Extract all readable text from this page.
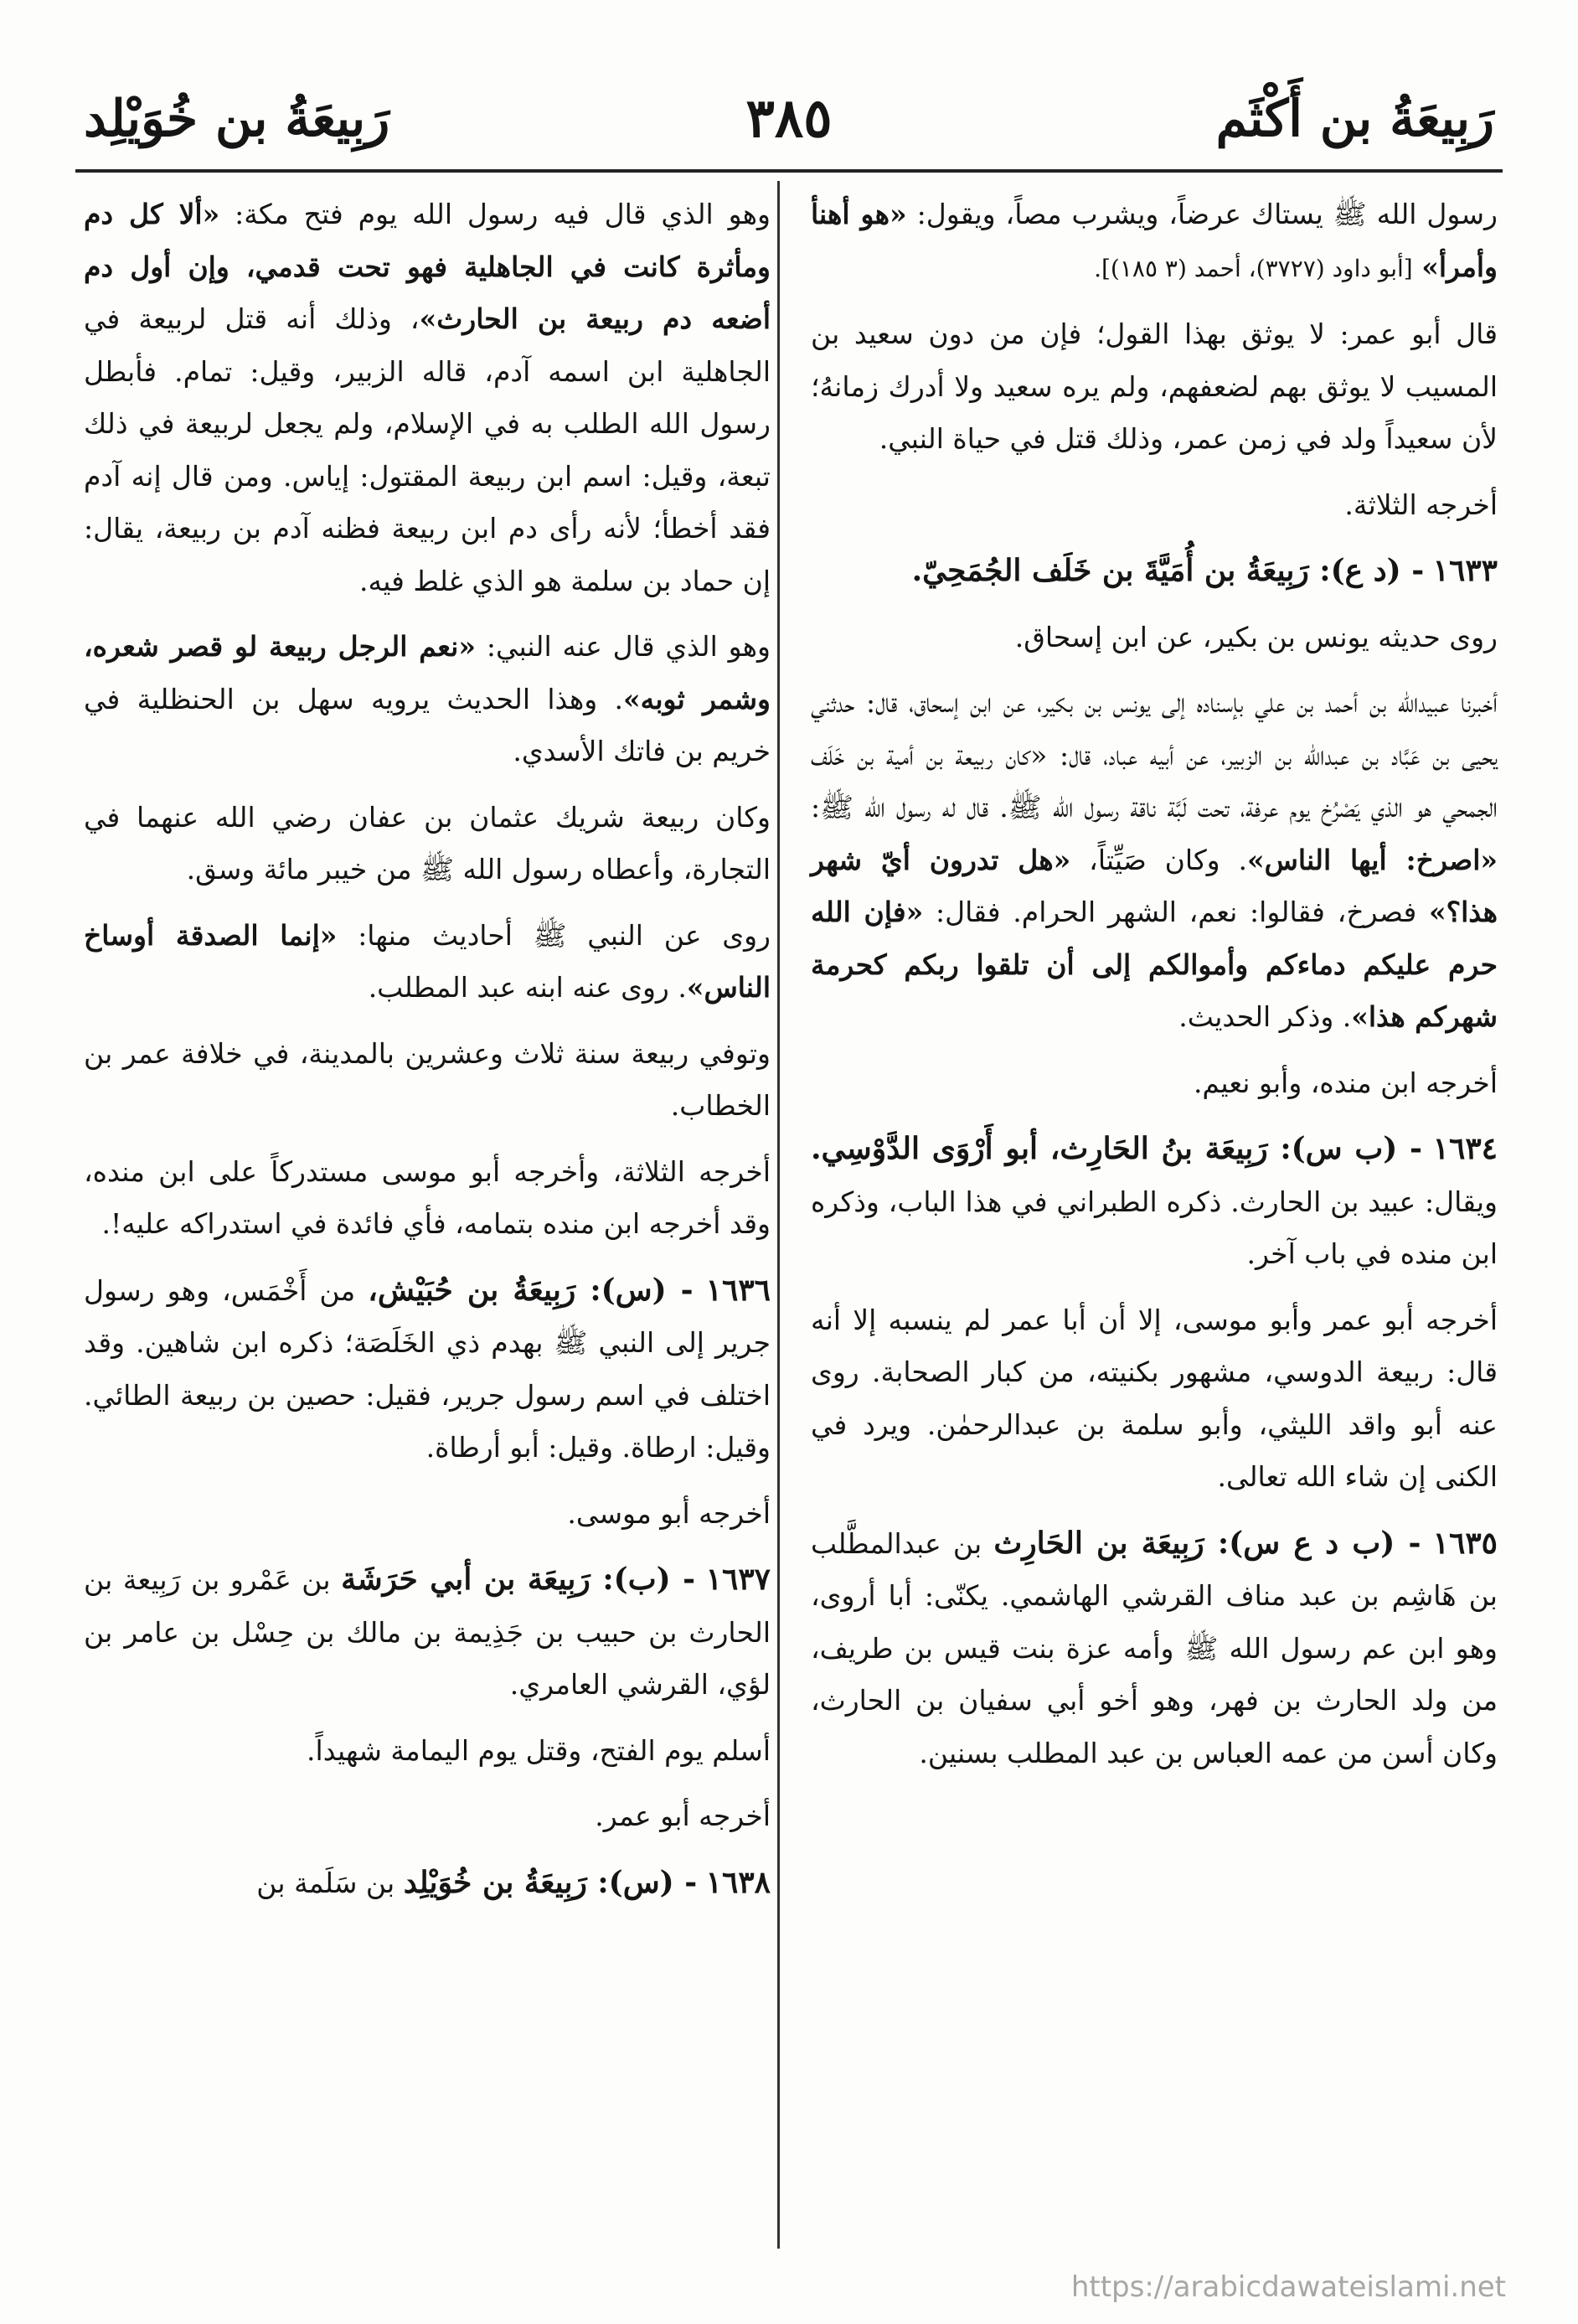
رَبِيعَةُ بن أَكْثَم
٣٨٥
رَبِيعَةُ بن خُوَيْلِد

رسول الله ﷺ يستاك عرضاً، ويشرب مصاً، ويقول: «هو أهنأ وأمرأ» [أبو داود (٣٧٢٧)، أحمد (٣ ١٨٥)].

قال أبو عمر: لا يوثق بهذا القول؛ فإن من دون سعيد بن المسيب لا يوثق بهم لضعفهم، ولم يره سعيد ولا أدرك زمانهُ؛ لأن سعيداً ولد في زمن عمر، وذلك قتل في حياة النبي.

أخرجه الثلاثة.

١٦٣٣ - (د ع): رَبِيعَةُ بن أُمَيَّةَ بن خَلَف الجُمَحِيّ.

روى حديثه يونس بن بكير، عن ابن إسحاق.

أخبرنا عبيدالله بن أحمد بن علي بإسناده إلى يونس بن بكير، عن ابن إسحاق، قال: حدثني يحيى بن عَبَّاد بن عبدالله بن الزبير، عن أبيه عباد، قال: «كان ربيعة بن أمية بن خَلَف الجمحي هو الذي يَصْرُخ يوم عرفة، تحت لَبَّة ناقة رسول الله ﷺ. قال له رسول الله ﷺ: «اصرخ: أيها الناس». وكان صَيِّتاً، «هل تدرون أيّ شهر هذا؟» فصرخ، فقالوا: نعم، الشهر الحرام. فقال: «فإن الله حرم عليكم دماءكم وأموالكم إلى أن تلقوا ربكم كحرمة شهركم هذا». وذكر الحديث.

أخرجه ابن منده، وأبو نعيم.

١٦٣٤ - (ب س): رَبِيعَة بنُ الحَارِث، أبو أَرْوَى الدَّوْسِي. ويقال: عبيد بن الحارث. ذكره الطبراني في هذا الباب، وذكره ابن منده في باب آخر.

أخرجه أبو عمر وأبو موسى، إلا أن أبا عمر لم ينسبه إلا أنه قال: ربيعة الدوسي، مشهور بكنيته، من كبار الصحابة. روى عنه أبو واقد الليثي، وأبو سلمة بن عبدالرحمٰن. ويرد في الكنى إن شاء الله تعالى.

١٦٣٥ - (ب د ع س): رَبِيعَة بن الحَارِث بن عبدالمطَّلب بن هَاشِم بن عبد مناف القرشي الهاشمي. يكنّى: أبا أروى، وهو ابن عم رسول الله ﷺ وأمه عزة بنت قيس بن طريف، من ولد الحارث بن فهر، وهو أخو أبي سفيان بن الحارث، وكان أسن من عمه العباس بن عبد المطلب بسنين.

وهو الذي قال فيه رسول الله يوم فتح مكة: «ألا كل دم ومأثرة كانت في الجاهلية فهو تحت قدمي، وإن أول دم أضعه دم ربيعة بن الحارث»، وذلك أنه قتل لربيعة في الجاهلية ابن اسمه آدم، قاله الزبير، وقيل: تمام. فأبطل رسول الله الطلب به في الإسلام، ولم يجعل لربيعة في ذلك تبعة، وقيل: اسم ابن ربيعة المقتول: إياس. ومن قال إنه آدم فقد أخطأ؛ لأنه رأى دم ابن ربيعة فظنه آدم بن ربيعة، يقال: إن حماد بن سلمة هو الذي غلط فيه.

وهو الذي قال عنه النبي: «نعم الرجل ربيعة لو قصر شعره، وشمر ثوبه». وهذا الحديث يرويه سهل بن الحنظلية في خريم بن فاتك الأسدي.

وكان ربيعة شريك عثمان بن عفان رضي الله عنهما في التجارة، وأعطاه رسول الله ﷺ من خيبر مائة وسق.

روى عن النبي ﷺ أحاديث منها: «إنما الصدقة أوساخ الناس». روى عنه ابنه عبد المطلب.

وتوفي ربيعة سنة ثلاث وعشرين بالمدينة، في خلافة عمر بن الخطاب.

أخرجه الثلاثة، وأخرجه أبو موسى مستدركاً على ابن منده، وقد أخرجه ابن منده بتمامه، فأي فائدة في استدراكه عليه!.

١٦٣٦ - (س): رَبِيعَةُ بن حُبَيْش، من أَخْمَس، وهو رسول جرير إلى النبي ﷺ بهدم ذي الخَلَصَة؛ ذكره ابن شاهين. وقد اختلف في اسم رسول جرير، فقيل: حصين بن ربيعة الطائي. وقيل: ارطاة. وقيل: أبو أرطاة.

أخرجه أبو موسى.

١٦٣٧ - (ب): رَبِيعَة بن أبي حَرَشَة بن عَمْرو بن رَبِيعة بن الحارث بن حبيب بن جَذِيمة بن مالك بن حِسْل بن عامر بن لؤي، القرشي العامري.

أسلم يوم الفتح، وقتل يوم اليمامة شهيداً.

أخرجه أبو عمر.

١٦٣٨ - (س): رَبِيعَةُ بن خُوَيْلِد بن سَلَمة بن

https://arabicdawateislami.net
